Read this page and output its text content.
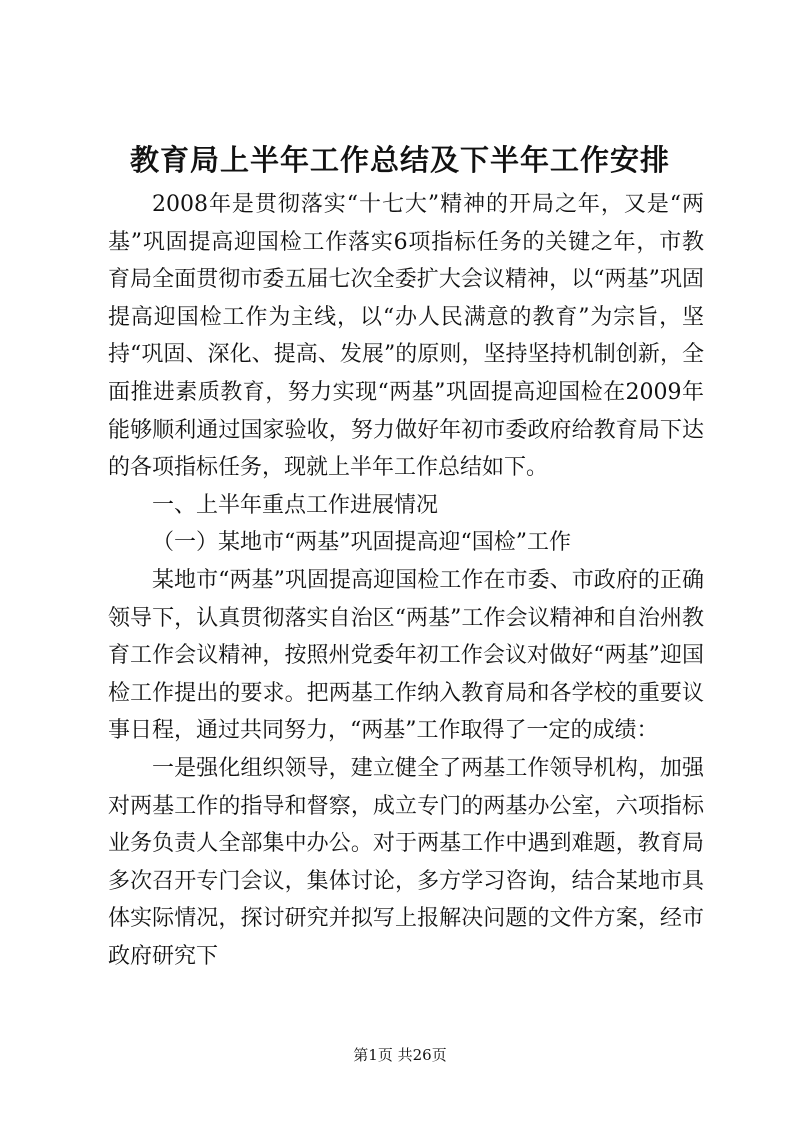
教育局上半年工作总结及下半年工作安排

2008年是贯彻落实“十七大”精神的开局之年，又是“两基”巩固提高迎国检工作落实6项指标任务的关键之年，市教育局全面贯彻市委五届七次全委扩大会议精神，以“两基”巩固提高迎国检工作为主线，以“办人民满意的教育”为宗旨，坚持“巩固、深化、提高、发展”的原则，坚持坚持机制创新，全面推进素质教育，努力实现“两基”巩固提高迎国检在2009年能够顺利通过国家验收，努力做好年初市委政府给教育局下达的各项指标任务，现就上半年工作总结如下。

一、上半年重点工作进展情况

（一）某地市“两基”巩固提高迎“国检”工作

某地市“两基”巩固提高迎国检工作在市委、市政府的正确领导下，认真贯彻落实自治区“两基”工作会议精神和自治州教育工作会议精神，按照州党委年初工作会议对做好“两基”迎国检工作提出的要求。把两基工作纳入教育局和各学校的重要议事日程，通过共同努力，“两基”工作取得了一定的成绩：

一是强化组织领导，建立健全了两基工作领导机构，加强对两基工作的指导和督察，成立专门的两基办公室，六项指标业务负责人全部集中办公。对于两基工作中遇到难题，教育局多次召开专门会议，集体讨论，多方学习咨询，结合某地市具体实际情况，探讨研究并拟写上报解决问题的文件方案，经市政府研究下

第1页 共26页
